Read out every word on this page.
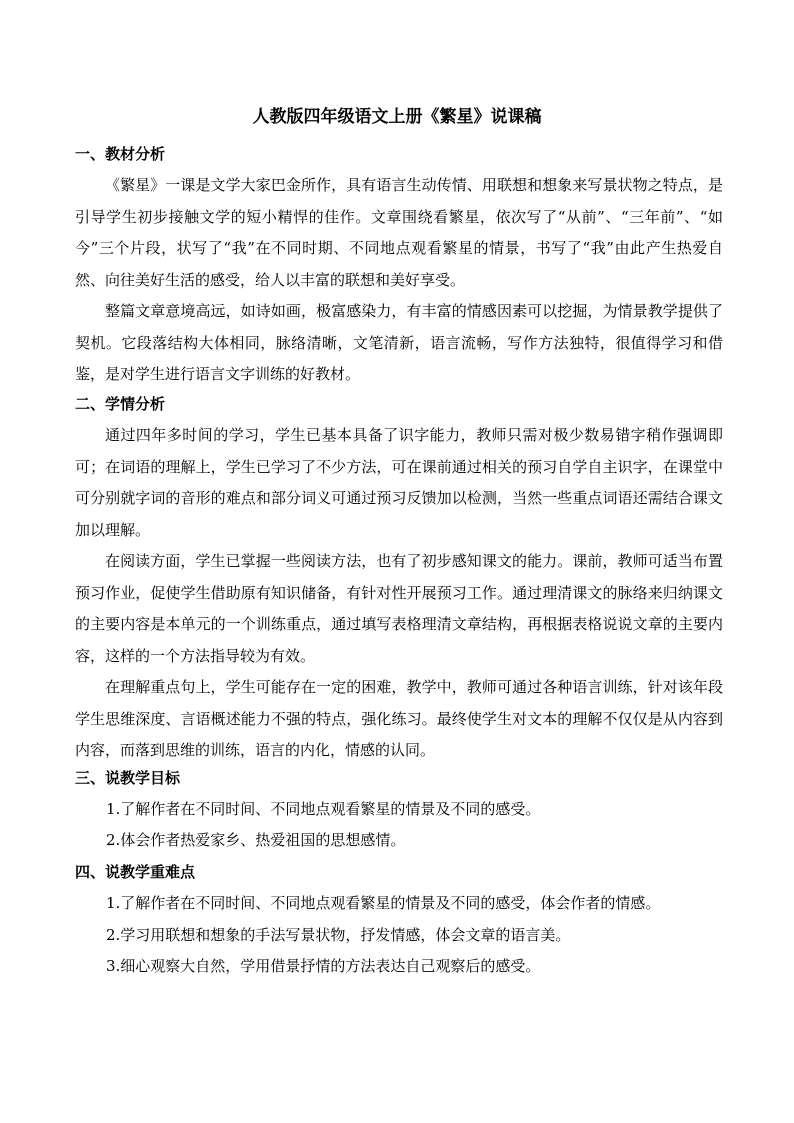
人教版四年级语文上册《繁星》说课稿
一、教材分析

《繁星》一课是文学大家巴金所作，具有语言生动传情、用联想和想象来写景状物之特点，是引导学生初步接触文学的短小精悍的佳作。文章围绕看繁星，依次写了“从前”、“三年前”、“如今”三个片段，状写了“我”在不同时期、不同地点观看繁星的情景，书写了“我”由此产生热爱自然、向往美好生活的感受，给人以丰富的联想和美好享受。

整篇文章意境高远，如诗如画，极富感染力，有丰富的情感因素可以挖掘，为情景教学提供了契机。它段落结构大体相同，脉络清晰，文笔清新，语言流畅，写作方法独特，很值得学习和借鉴，是对学生进行语言文字训练的好教材。

二、学情分析

通过四年多时间的学习，学生已基本具备了识字能力，教师只需对极少数易错字稍作强调即可；在词语的理解上，学生已学习了不少方法，可在课前通过相关的预习自学自主识字，在课堂中可分别就字词的音形的难点和部分词义可通过预习反馈加以检测，当然一些重点词语还需结合课文加以理解。

在阅读方面，学生已掌握一些阅读方法，也有了初步感知课文的能力。课前，教师可适当布置预习作业，促使学生借助原有知识储备，有针对性开展预习工作。通过理清课文的脉络来归纳课文的主要内容是本单元的一个训练重点，通过填写表格理清文章结构，再根据表格说说文章的主要内容，这样的一个方法指导较为有效。

在理解重点句上，学生可能存在一定的困难，教学中，教师可通过各种语言训练，针对该年段学生思维深度、言语概述能力不强的特点，强化练习。最终使学生对文本的理解不仅仅是从内容到内容，而落到思维的训练，语言的内化，情感的认同。

三、说教学目标
1.了解作者在不同时间、不同地点观看繁星的情景及不同的感受。
2.体会作者热爱家乡、热爱祖国的思想感情。
四、说教学重难点
1.了解作者在不同时间、不同地点观看繁星的情景及不同的感受，体会作者的情感。
2.学习用联想和想象的手法写景状物，抒发情感，体会文章的语言美。
3.细心观察大自然，学用借景抒情的方法表达自己观察后的感受。
